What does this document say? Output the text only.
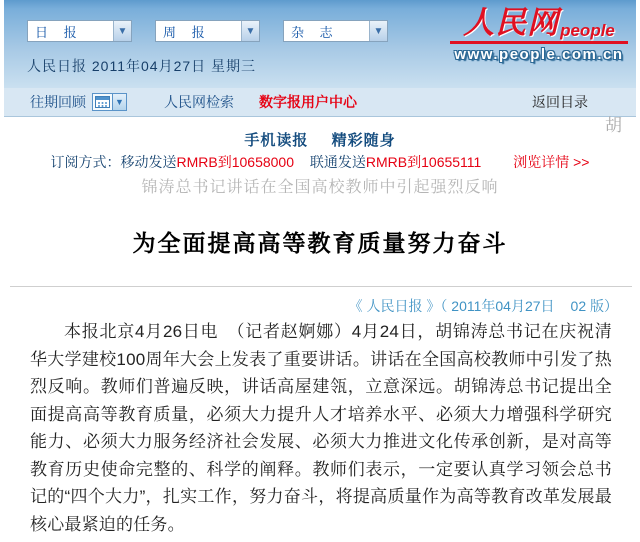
日 报	▼	周 报	▼	杂 志	▼
人民日报 2011年04月27日 星期三
人民网 people
www.people.com.cn
往期回顾	▼	人民网检索 数字报用户中心	返回目录
胡
手机读报 精彩随身
订阅方式：移动发送RMRB到10658000 联通发送RMRB到10655111 浏览详情 >>
锦涛总书记讲话在全国高校教师中引起强烈反响
为全面提高高等教育质量努力奋斗
《 人民日报 》（ 2011年04月27日 02 版）

本报北京4月26日电　（记者赵婀娜）4月24日，胡锦涛总书记在庆祝清华大学建校100周年大会上发表了重要讲话。讲话在全国高校教师中引发了热烈反响。教师们普遍反映，讲话高屋建瓴，立意深远。胡锦涛总书记提出全面提高高等教育质量，必须大力提升人才培养水平、必须大力增强科学研究能力、必须大力服务经济社会发展、必须大力推进文化传承创新，是对高等教育历史使命完整的、科学的阐释。教师们表示，一定要认真学习领会总书记的“四个大力”，扎实工作，努力奋斗，将提高质量作为高等教育改革发展最核心最紧迫的任务。
